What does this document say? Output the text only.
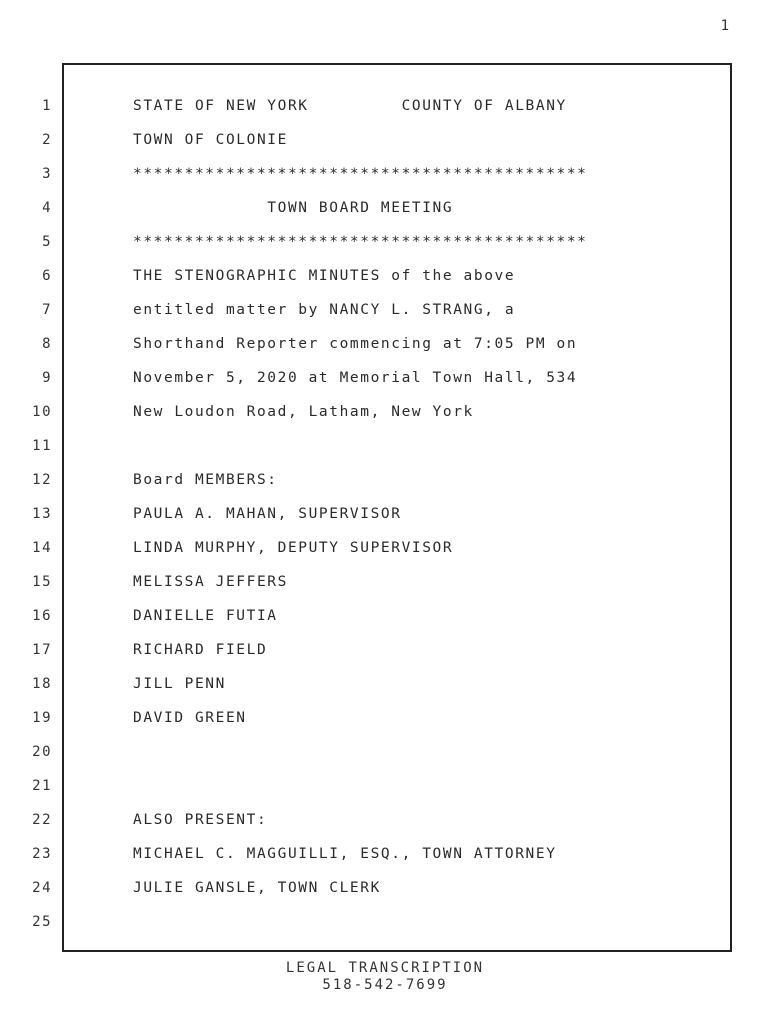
1
1
2
3
4
5
6
7
8
9
10
11
12
13
14
15
16
17
18
19
20
21
22
23
24
25
STATE OF NEW YORK         COUNTY OF ALBANY
TOWN OF COLONIE
********************************************
TOWN BOARD MEETING
********************************************
THE STENOGRAPHIC MINUTES of the above
entitled matter by NANCY L. STRANG, a
Shorthand Reporter commencing at 7:05 PM on
November 5, 2020 at Memorial Town Hall, 534
New Loudon Road, Latham, New York
Board MEMBERS:
PAULA A. MAHAN, SUPERVISOR
LINDA MURPHY, DEPUTY SUPERVISOR
MELISSA JEFFERS
DANIELLE FUTIA
RICHARD FIELD
JILL PENN
DAVID GREEN
ALSO PRESENT:
MICHAEL C. MAGGUILLI, ESQ., TOWN ATTORNEY
JULIE GANSLE, TOWN CLERK
LEGAL TRANSCRIPTION
518-542-7699
